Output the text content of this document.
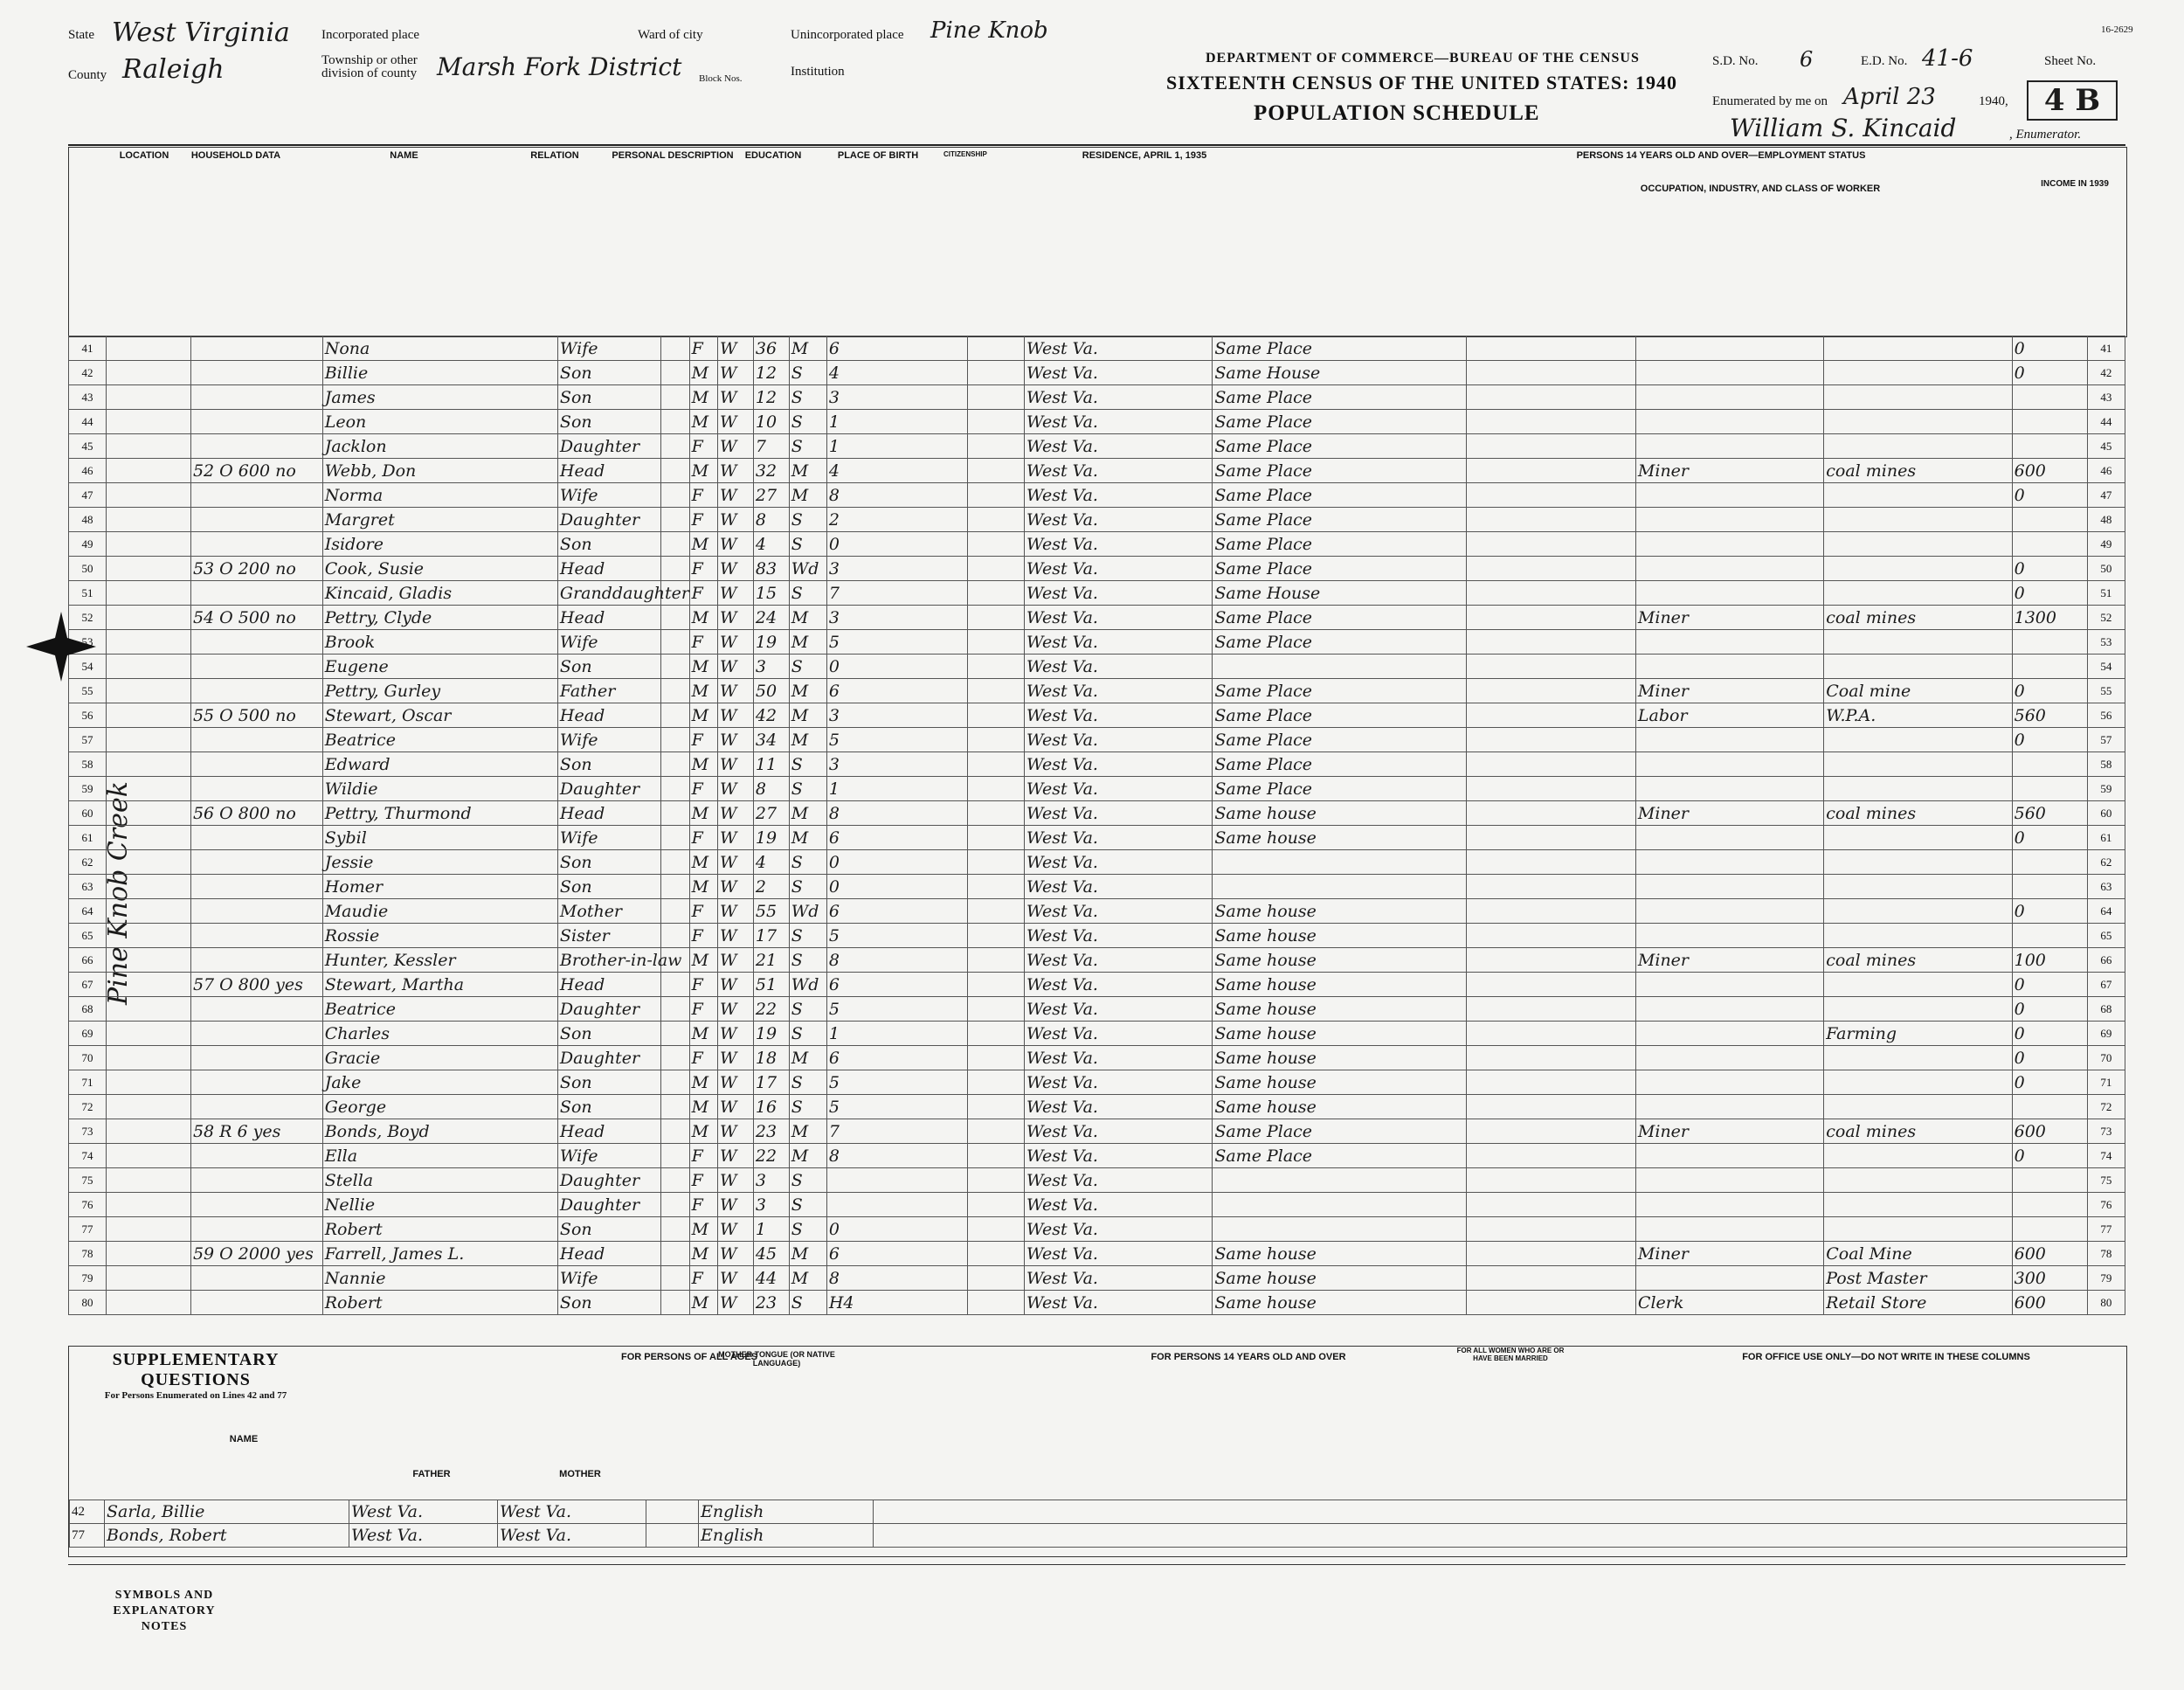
State West Virginia
County Raleigh
Incorporated place	Ward of city	Unincorporated place Pine Knob
Township or other division of county Marsh Fork District Block Nos.	Institution
DEPARTMENT OF COMMERCE—BUREAU OF THE CENSUS
SIXTEENTH CENSUS OF THE UNITED STATES: 1940
POPULATION SCHEDULE
16-2629
S.D. No. 6	E.D. No. 41-6	Sheet No.
4 B
Enumerated by me on April 23	1940,
William S. Kincaid	, Enumerator.
LOCATION	HOUSEHOLD DATA	NAME	RELATION	PERSONAL DESCRIPTION	EDUCATION	PLACE OF BIRTH	CITIZENSHIP	RESIDENCE, APRIL 1, 1935	PERSONS 14 YEARS OLD AND OVER—EMPLOYMENT STATUS
OCCUPATION, INDUSTRY, AND CLASS OF WORKER	INCOME IN 1939
Pine Knob Creek
41			Nona	Wife		F	W	36	M	6		West Va.	Same Place				0	41
42			Billie	Son		M	W	12	S	4		West Va.	Same House				0	42
43			James	Son		M	W	12	S	3		West Va.	Same Place					43
44			Leon	Son		M	W	10	S	1		West Va.	Same Place					44
45			Jacklon	Daughter		F	W	7	S	1		West Va.	Same Place					45
46		52 O 600 no	Webb, Don	Head		M	W	32	M	4		West Va.	Same Place		Miner	coal mines	600	46
47			Norma	Wife		F	W	27	M	8		West Va.	Same Place				0	47
48			Margret	Daughter		F	W	8	S	2		West Va.	Same Place					48
49			Isidore	Son		M	W	4	S	0		West Va.	Same Place					49
50		53 O 200 no	Cook, Susie	Head		F	W	83	Wd	3		West Va.	Same Place				0	50
51			Kincaid, Gladis	Granddaughter		F	W	15	S	7		West Va.	Same House				0	51
52		54 O 500 no	Pettry, Clyde	Head		M	W	24	M	3		West Va.	Same Place		Miner	coal mines	1300	52
53			Brook	Wife		F	W	19	M	5		West Va.	Same Place					53
54			Eugene	Son		M	W	3	S	0		West Va.						54
55			Pettry, Gurley	Father		M	W	50	M	6		West Va.	Same Place		Miner	Coal mine	0	55
56		55 O 500 no	Stewart, Oscar	Head		M	W	42	M	3		West Va.	Same Place		Labor	W.P.A.	560	56
57			Beatrice	Wife		F	W	34	M	5		West Va.	Same Place				0	57
58			Edward	Son		M	W	11	S	3		West Va.	Same Place					58
59			Wildie	Daughter		F	W	8	S	1		West Va.	Same Place					59
60		56 O 800 no	Pettry, Thurmond	Head		M	W	27	M	8		West Va.	Same house		Miner	coal mines	560	60
61			Sybil	Wife		F	W	19	M	6		West Va.	Same house				0	61
62			Jessie	Son		M	W	4	S	0		West Va.						62
63			Homer	Son		M	W	2	S	0		West Va.						63
64			Maudie	Mother		F	W	55	Wd	6		West Va.	Same house				0	64
65			Rossie	Sister		F	W	17	S	5		West Va.	Same house					65
66			Hunter, Kessler	Brother-in-law		M	W	21	S	8		West Va.	Same house		Miner	coal mines	100	66
67		57 O 800 yes	Stewart, Martha	Head		F	W	51	Wd	6		West Va.	Same house				0	67
68			Beatrice	Daughter		F	W	22	S	5		West Va.	Same house				0	68
69			Charles	Son		M	W	19	S	1		West Va.	Same house			Farming	0	69
70			Gracie	Daughter		F	W	18	M	6		West Va.	Same house				0	70
71			Jake	Son		M	W	17	S	5		West Va.	Same house				0	71
72			George	Son		M	W	16	S	5		West Va.	Same house					72
73		58 R 6 yes	Bonds, Boyd	Head		M	W	23	M	7		West Va.	Same Place		Miner	coal mines	600	73
74			Ella	Wife		F	W	22	M	8		West Va.	Same Place				0	74
75			Stella	Daughter		F	W	3	S			West Va.						75
76			Nellie	Daughter		F	W	3	S			West Va.						76
77			Robert	Son		M	W	1	S	0		West Va.						77
78		59 O 2000 yes	Farrell, James L.	Head		M	W	45	M	6		West Va.	Same house		Miner	Coal Mine	600	78
79			Nannie	Wife		F	W	44	M	8		West Va.	Same house			Post Master	300	79
80			Robert	Son		M	W	23	S	H4		West Va.	Same house		Clerk	Retail Store	600	80
SUPPLEMENTARY QUESTIONS
For Persons Enumerated on Lines 42 and 77
FOR PERSONS OF ALL AGES	FOR PERSONS 14 YEARS OLD AND OVER
FOR ALL WOMEN WHO ARE OR HAVE BEEN MARRIED	FOR OFFICE USE ONLY—DO NOT WRITE IN THESE COLUMNS
NAME
FATHER	MOTHER
MOTHER TONGUE (OR NATIVE LANGUAGE)
42	Sarla, Billie	West Va.	West Va.		English	
77	Bonds, Robert	West Va.	West Va.		English	
SYMBOLS AND EXPLANATORY NOTES
